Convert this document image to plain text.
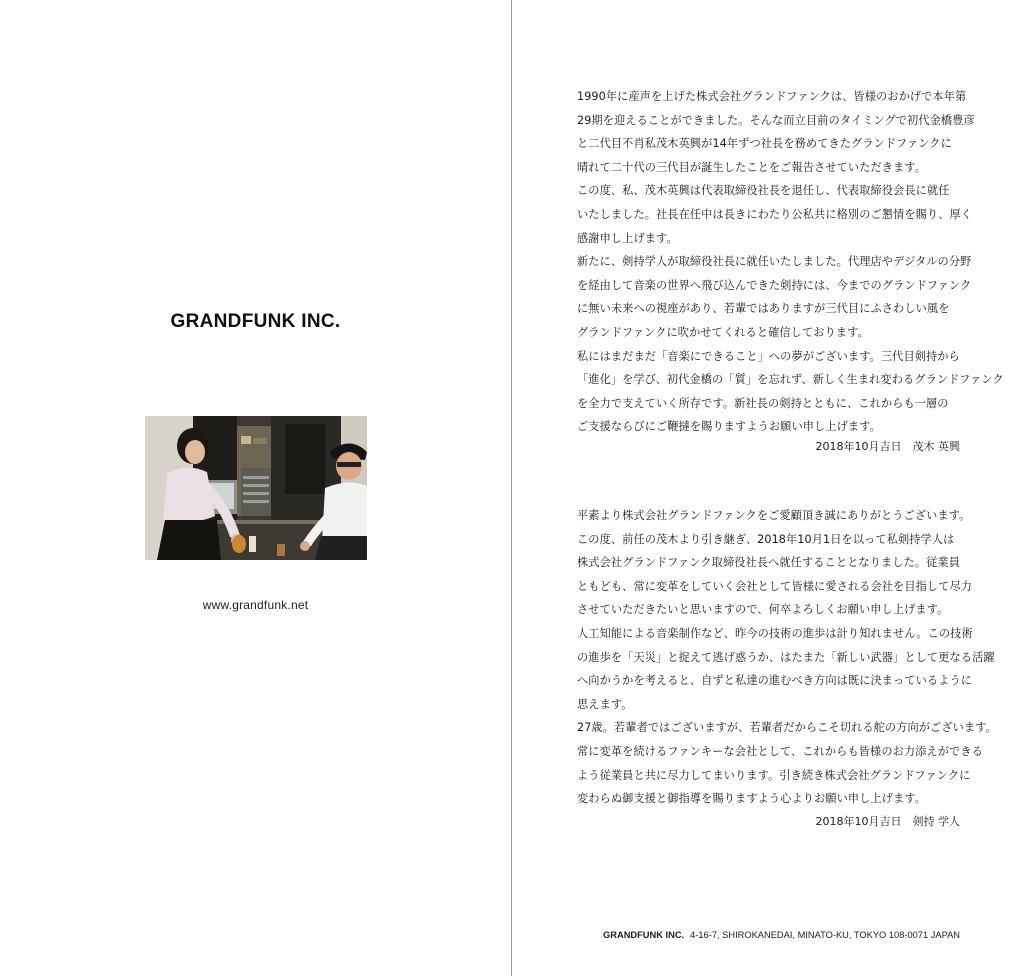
GRANDFUNK INC.
www.grandfunk.net

1990年に産声を上げた株式会社グランドファンクは、皆様のおかげで本年第

29期を迎えることができました。そんな而立目前のタイミングで初代金橋豊彦

と二代目不肖私茂木英興が14年ずつ社長を務めてきたグランドファンクに

晴れて二十代の三代目が誕生したことをご報告させていただきます。

この度、私、茂木英興は代表取締役社長を退任し、代表取締役会長に就任

いたしました。社長在任中は長きにわたり公私共に格別のご懇情を賜り、厚く

感謝申し上げます。

新たに、剣持学人が取締役社長に就任いたしました。代理店やデジタルの分野

を経由して音楽の世界へ飛び込んできた剣持には、今までのグランドファンク

に無い未来への視座があり、若輩ではありますが三代目にふさわしい風を

グランドファンクに吹かせてくれると確信しております。

私にはまだまだ「音楽にできること」への夢がございます。三代目剣持から

「進化」を学び、初代金橋の「質」を忘れず、新しく生まれ変わるグランドファンク

を全力で支えていく所存です。新社長の剣持とともに、これからも一層の

ご支援ならびにご鞭撻を賜りますようお願い申し上げます。

2018年10月吉日　茂木 英興

平素より株式会社グランドファンクをご愛顧頂き誠にありがとうございます。

この度、前任の茂木より引き継ぎ、2018年10月1日を以って私剣持学人は

株式会社グランドファンク取締役社長へ就任することとなりました。従業員

ともども、常に変革をしていく会社として皆様に愛される会社を目指して尽力

させていただきたいと思いますので、何卒よろしくお願い申し上げます。

人工知能による音楽制作など、昨今の技術の進歩は計り知れません。この技術

の進歩を「天災」と捉えて逃げ惑うか、はたまた「新しい武器」として更なる活躍

へ向かうかを考えると、自ずと私達の進むべき方向は既に決まっているように

思えます。

27歳。若輩者ではございますが、若輩者だからこそ切れる舵の方向がございます。

常に変革を続けるファンキーな会社として、これからも皆様のお力添えができる

よう従業員と共に尽力してまいります。引き続き株式会社グランドファンクに

変わらぬ御支援と御指導を賜りますよう心よりお願い申し上げます。

2018年10月吉日　剣持 学人
GRANDFUNK INC. 4-16-7, SHIROKANEDAI, MINATO-KU, TOKYO 108-0071 JAPAN
